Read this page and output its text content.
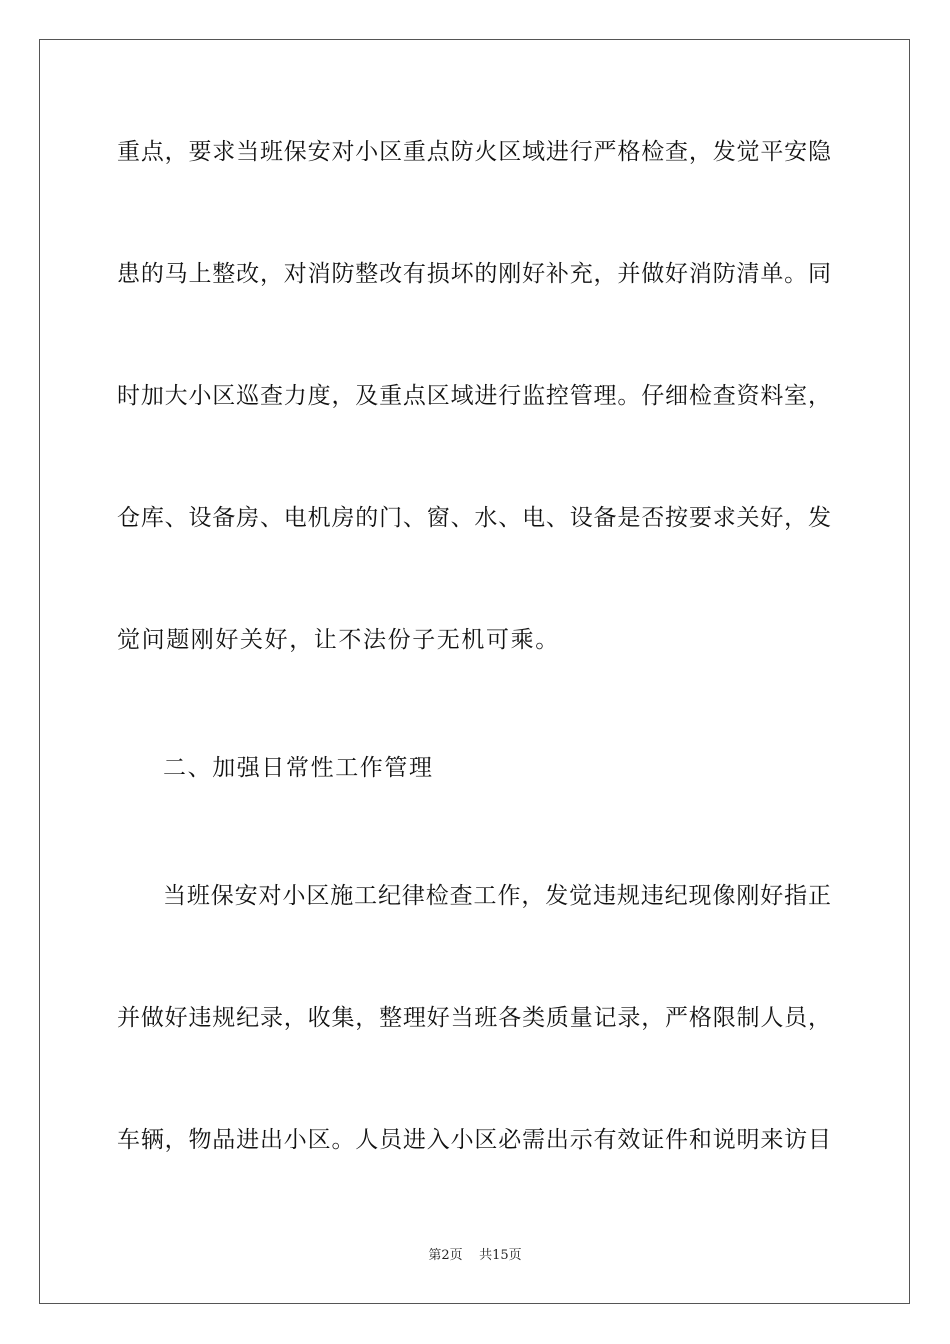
重点，要求当班保安对小区重点防火区域进行严格检查，发觉平安隐
患的马上整改，对消防整改有损坏的刚好补充，并做好消防清单。同
时加大小区巡查力度，及重点区域进行监控管理。仔细检查资料室，
仓库、设备房、电机房的门、窗、水、电、设备是否按要求关好，发
觉问题刚好关好，让不法份子无机可乘。
二、加强日常性工作管理
当班保安对小区施工纪律检查工作，发觉违规违纪现像刚好指正
并做好违规纪录，收集，整理好当班各类质量记录，严格限制人员，
车辆，物品进出小区。人员进入小区必需出示有效证件和说明来访目
第2页 共15页
